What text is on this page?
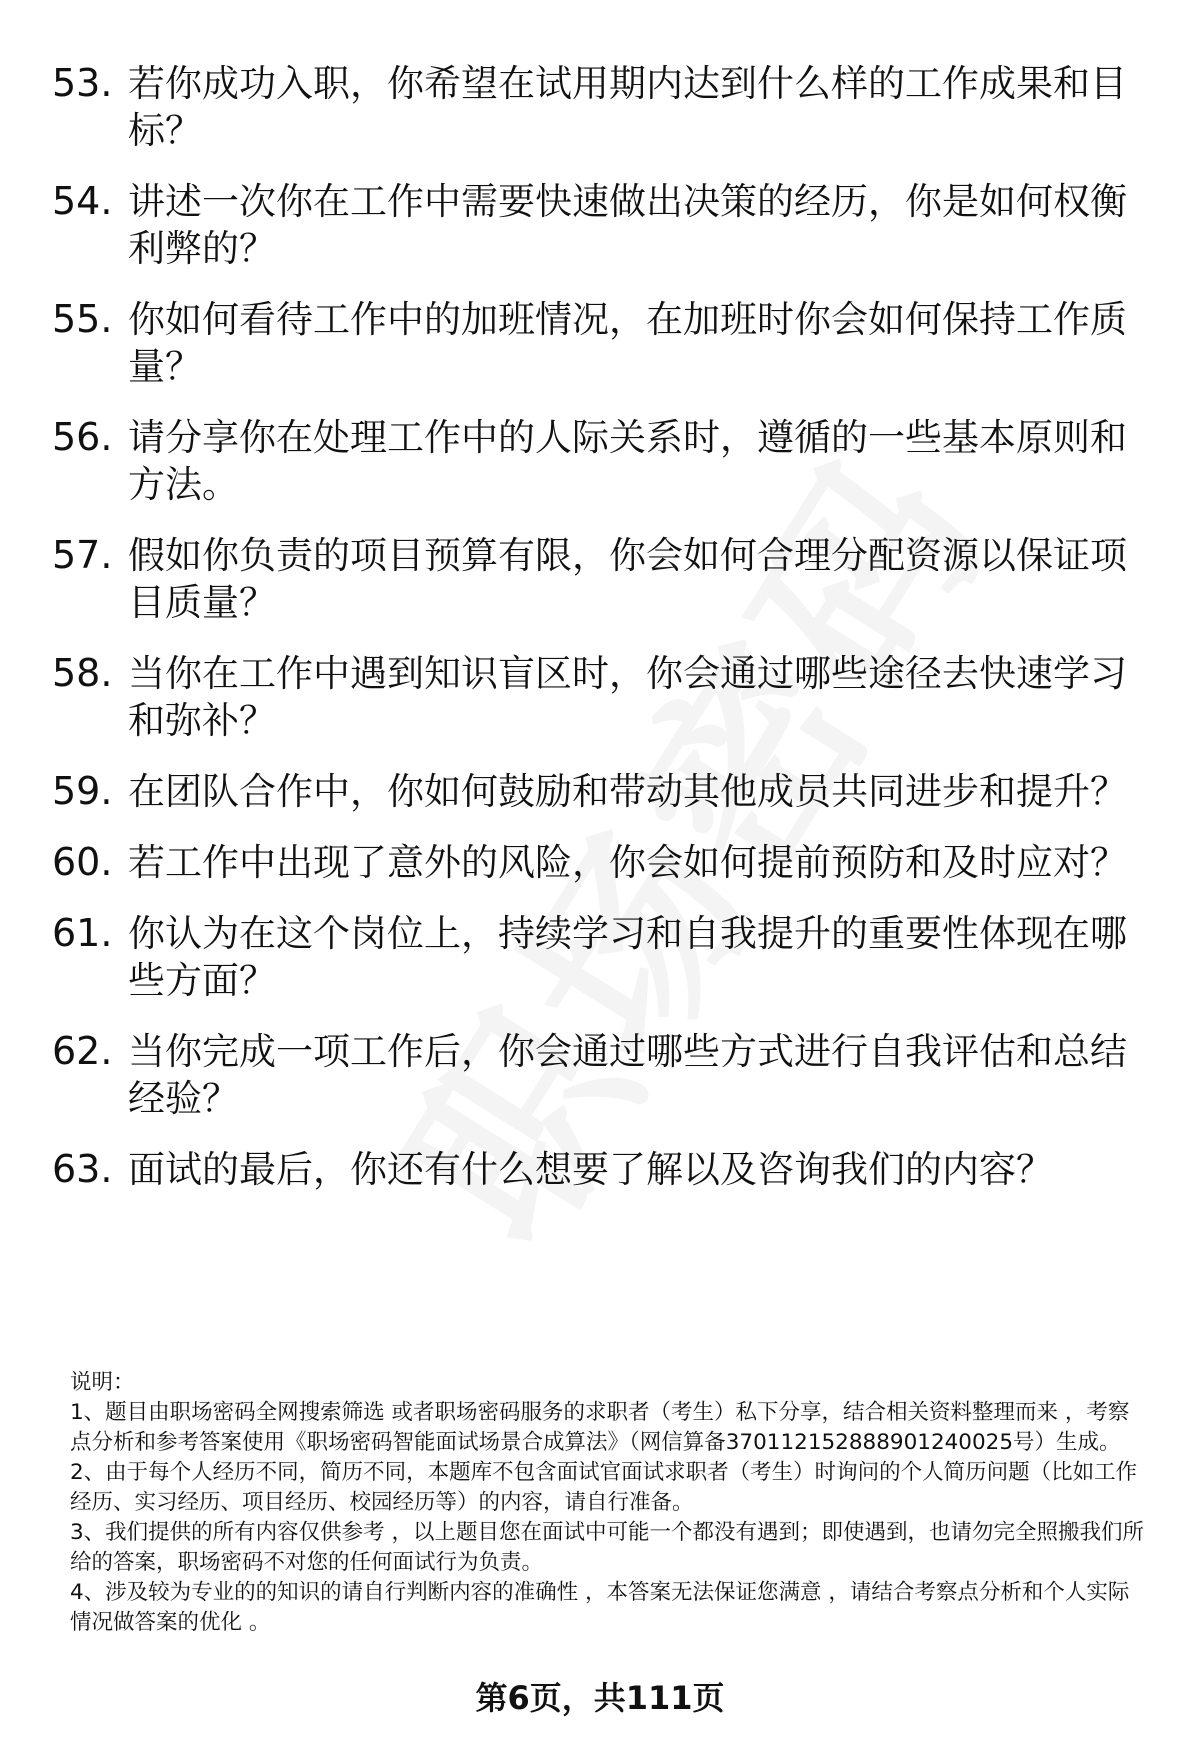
53. 若你成功入职，你希望在试用期内达到什么样的工作成果和目标？
54. 讲述一次你在工作中需要快速做出决策的经历，你是如何权衡利弊的？
55. 你如何看待工作中的加班情况，在加班时你会如何保持工作质量？
56. 请分享你在处理工作中的人际关系时，遵循的一些基本原则和方法。
57. 假如你负责的项目预算有限，你会如何合理分配资源以保证项目质量？
58. 当你在工作中遇到知识盲区时，你会通过哪些途径去快速学习和弥补？
59. 在团队合作中，你如何鼓励和带动其他成员共同进步和提升？
60. 若工作中出现了意外的风险，你会如何提前预防和及时应对？
61. 你认为在这个岗位上，持续学习和自我提升的重要性体现在哪些方面？
62. 当你完成一项工作后，你会通过哪些方式进行自我评估和总结经验？
63. 面试的最后，你还有什么想要了解以及咨询我们的内容？

说明：

1、题目由职场密码全网搜索筛选 或者职场密码服务的求职者（考生）私下分享，结合相关资料整理而来 ，考察点分析和参考答案使用《职场密码智能面试场景合成算法》（网信算备370112152888901240025号）生成。

2、由于每个人经历不同，简历不同，本题库不包含面试官面试求职者（考生）时询问的个人简历问题（比如工作经历、实习经历、项目经历、校园经历等）的内容，请自行准备。

3、我们提供的所有内容仅供参考 ，以上题目您在面试中可能一个都没有遇到；即使遇到，也请勿完全照搬我们所给的答案，职场密码不对您的任何面试行为负责。

4、涉及较为专业的的知识的请自行判断内容的准确性 ，本答案无法保证您满意 ，请结合考察点分析和个人实际情况做答案的优化 。

第6页，共111页
